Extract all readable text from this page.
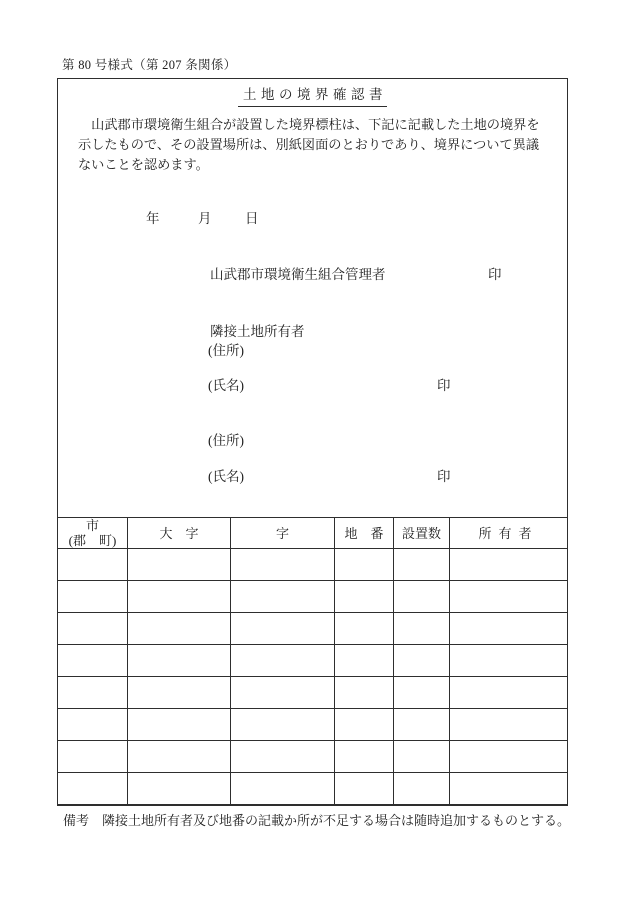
第 80 号様式（第 207 条関係）
土地の境界確認書
　山武郡市環境衛生組合が設置した境界標柱は、下記に記載した土地の境界を
示したもので、その設置場所は、別紙図面のとおりであり、境界について異議
ないことを認めます。
年	月 日
山武郡市環境衛生組合管理者	印
隣接土地所有者
(住所)
(氏名)	印
(住所)
(氏名)	印
市
(郡　町)	大　字	字	地　番	設置数	所有者

備考　隣接土地所有者及び地番の記載か所が不足する場合は随時追加するものとする。
